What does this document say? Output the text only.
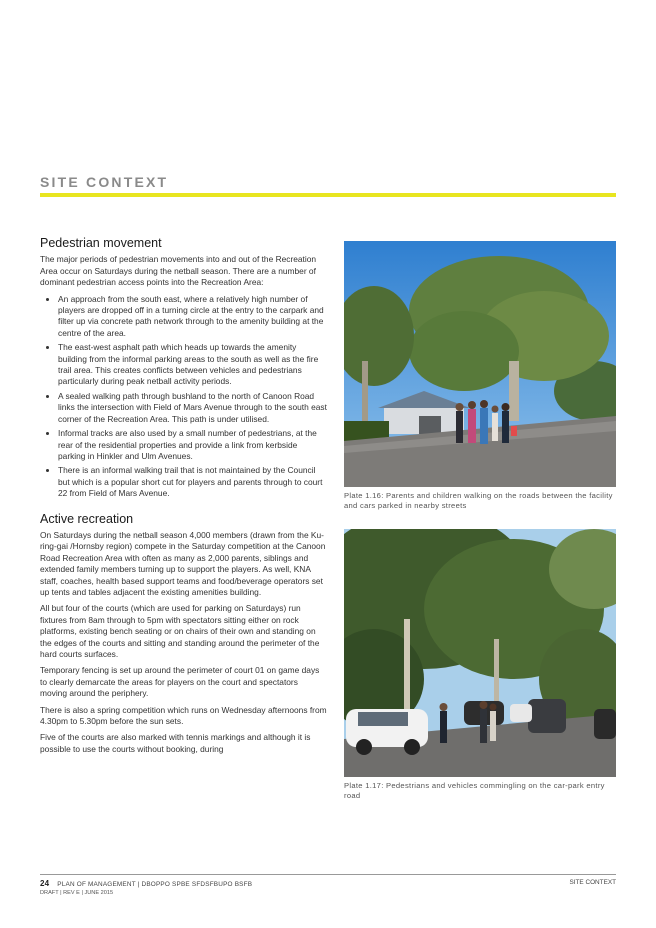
SITE CONTEXT
Pedestrian movement

The major periods of pedestrian movements into and out of the Recreation Area occur on Saturdays during the netball season. There are a number of dominant pedestrian access points into the Recreation Area:

• An approach from the south east, where a relatively high number of players are dropped off in a turning circle at the entry to the carpark and filter up via concrete path network through to the amenity building at the centre of the area.
• The east-west asphalt path which heads up towards the amenity building from the informal parking areas to the south as well as the fire trail area. This creates conflicts between vehicles and pedestrians particularly during peak netball activity periods.
• A sealed walking path through bushland to the north of Canoon Road links the intersection with Field of Mars Avenue through to the south east corner of the Recreation Area. This path is under utilised.
• Informal tracks are also used by a small number of pedestrians, at the rear of the residential properties and provide a link from kerbside parking in Hinkler and Ulm Avenues.
• There is an informal walking trail that is not maintained by the Council but which is a popular short cut for players and parents through to court 22 from Field of Mars Avenue.
Active recreation

On Saturdays during the netball season 4,000 members (drawn from the Ku-ring-gai /Hornsby region) compete in the Saturday competition at the Canoon Road Recreation Area with often as many as 2,000 parents, siblings and extended family members turning up to support the players. As well, KNA staff, coaches, health based support teams and food/beverage operators set up tents and tables adjacent the existing amenities building.

All but four of the courts (which are used for parking on Saturdays) run fixtures from 8am through to 5pm with spectators sitting either on rock platforms, existing bench seating or on chairs of their own and standing on the edges of the courts and sitting and standing around the perimeter of the hard courts surfaces.

Temporary fencing is set up around the perimeter of court 01 on game days to clearly demarcate the areas for players on the court and spectators moving around the periphery.

There is also a spring competition which runs on Wednesday afternoons from 4.30pm to 5.30pm before the sun sets.

Five of the courts are also marked with tennis markings and although it is possible to use the courts without booking, during

Plate 1.16: Parents and children walking on the roads between the facility and cars parked in nearby streets
Plate 1.17: Pedestrians and vehicles commingling on the car-park entry road
24 PLAN OF MANAGEMENT | DBOPPO SPBE SFDSFBUPO BSFB
DRAFT | REV E | JUNE 2015
SITE CONTEXT
